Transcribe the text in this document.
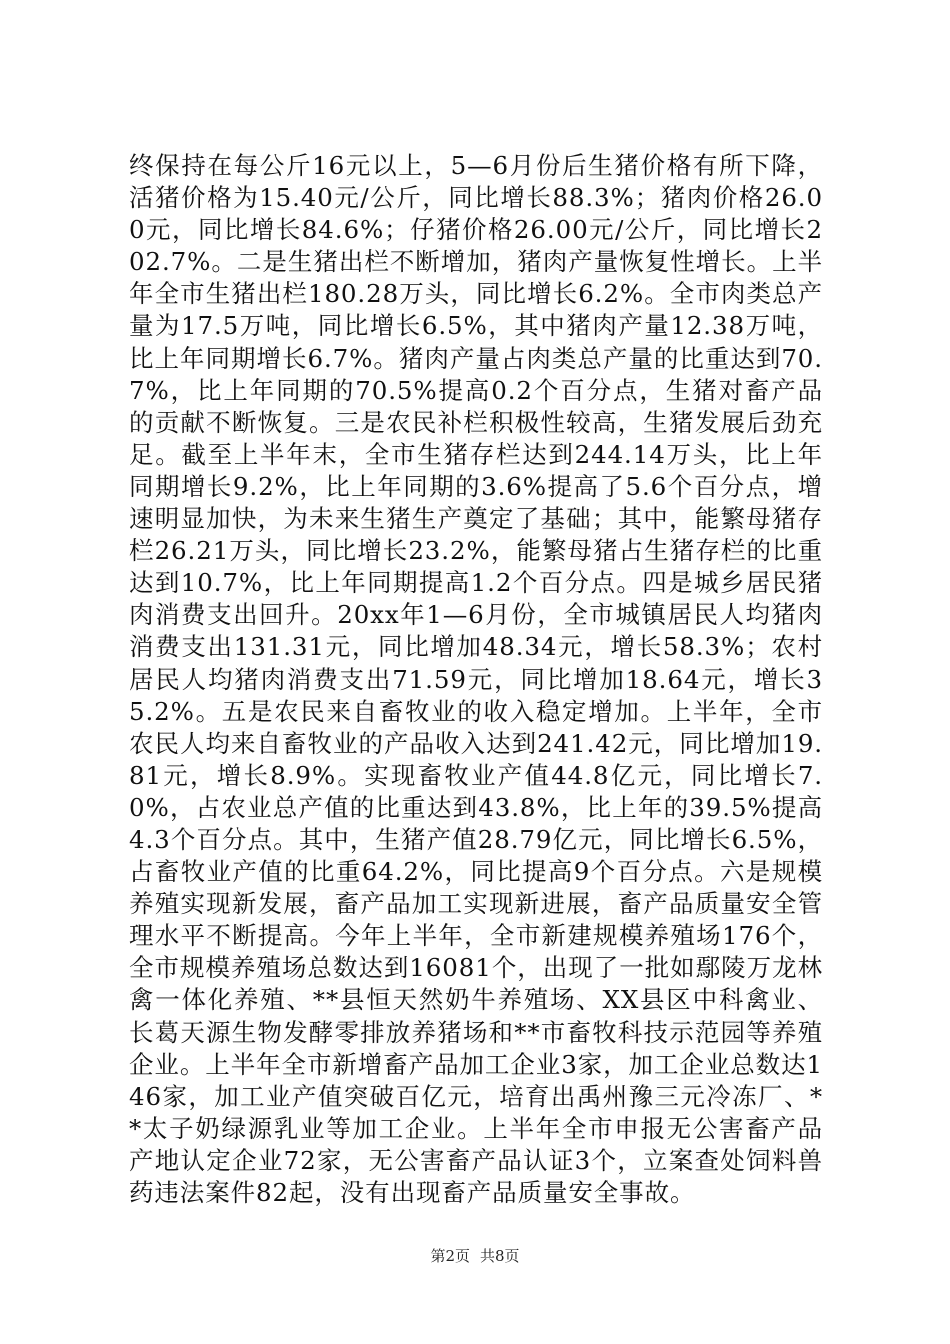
终保持在每公斤16元以上，5—6月份后生猪价格有所下降，活猪价格为15.40元/公斤，同比增长88.3%；猪肉价格26.00元，同比增长84.6%；仔猪价格26.00元/公斤，同比增长202.7%。二是生猪出栏不断增加，猪肉产量恢复性增长。上半年全市生猪出栏180.28万头，同比增长6.2%。全市肉类总产量为17.5万吨，同比增长6.5%，其中猪肉产量12.38万吨，比上年同期增长6.7%。猪肉产量占肉类总产量的比重达到70.7%，比上年同期的70.5%提高0.2个百分点，生猪对畜产品的贡献不断恢复。三是农民补栏积极性较高，生猪发展后劲充足。截至上半年末，全市生猪存栏达到244.14万头，比上年同期增长9.2%，比上年同期的3.6%提高了5.6个百分点，增速明显加快，为未来生猪生产奠定了基础；其中，能繁母猪存栏26.21万头，同比增长23.2%，能繁母猪占生猪存栏的比重达到10.7%，比上年同期提高1.2个百分点。四是城乡居民猪肉消费支出回升。20xx年1—6月份，全市城镇居民人均猪肉消费支出131.31元，同比增加48.34元，增长58.3%；农村居民人均猪肉消费支出71.59元，同比增加18.64元，增长35.2%。五是农民来自畜牧业的收入稳定增加。上半年，全市农民人均来自畜牧业的产品收入达到241.42元，同比增加19.81元，增长8.9%。实现畜牧业产值44.8亿元，同比增长7.0%，占农业总产值的比重达到43.8%，比上年的39.5%提高4.3个百分点。其中，生猪产值28.79亿元，同比增长6.5%，占畜牧业产值的比重64.2%，同比提高9个百分点。六是规模养殖实现新发展，畜产品加工实现新进展，畜产品质量安全管理水平不断提高。今年上半年，全市新建规模养殖场176个，全市规模养殖场总数达到16081个，出现了一批如鄢陵万龙林禽一体化养殖、**县恒天然奶牛养殖场、XX县区中科禽业、长葛天源生物发酵零排放养猪场和**市畜牧科技示范园等养殖企业。上半年全市新增畜产品加工企业3家，加工企业总数达146家，加工业产值突破百亿元，培育出禹州豫三元冷冻厂、**太子奶绿源乳业等加工企业。上半年全市申报无公害畜产品产地认定企业72家，无公害畜产品认证3个，立案查处饲料兽药违法案件82起，没有出现畜产品质量安全事故。

第2页 共8页
